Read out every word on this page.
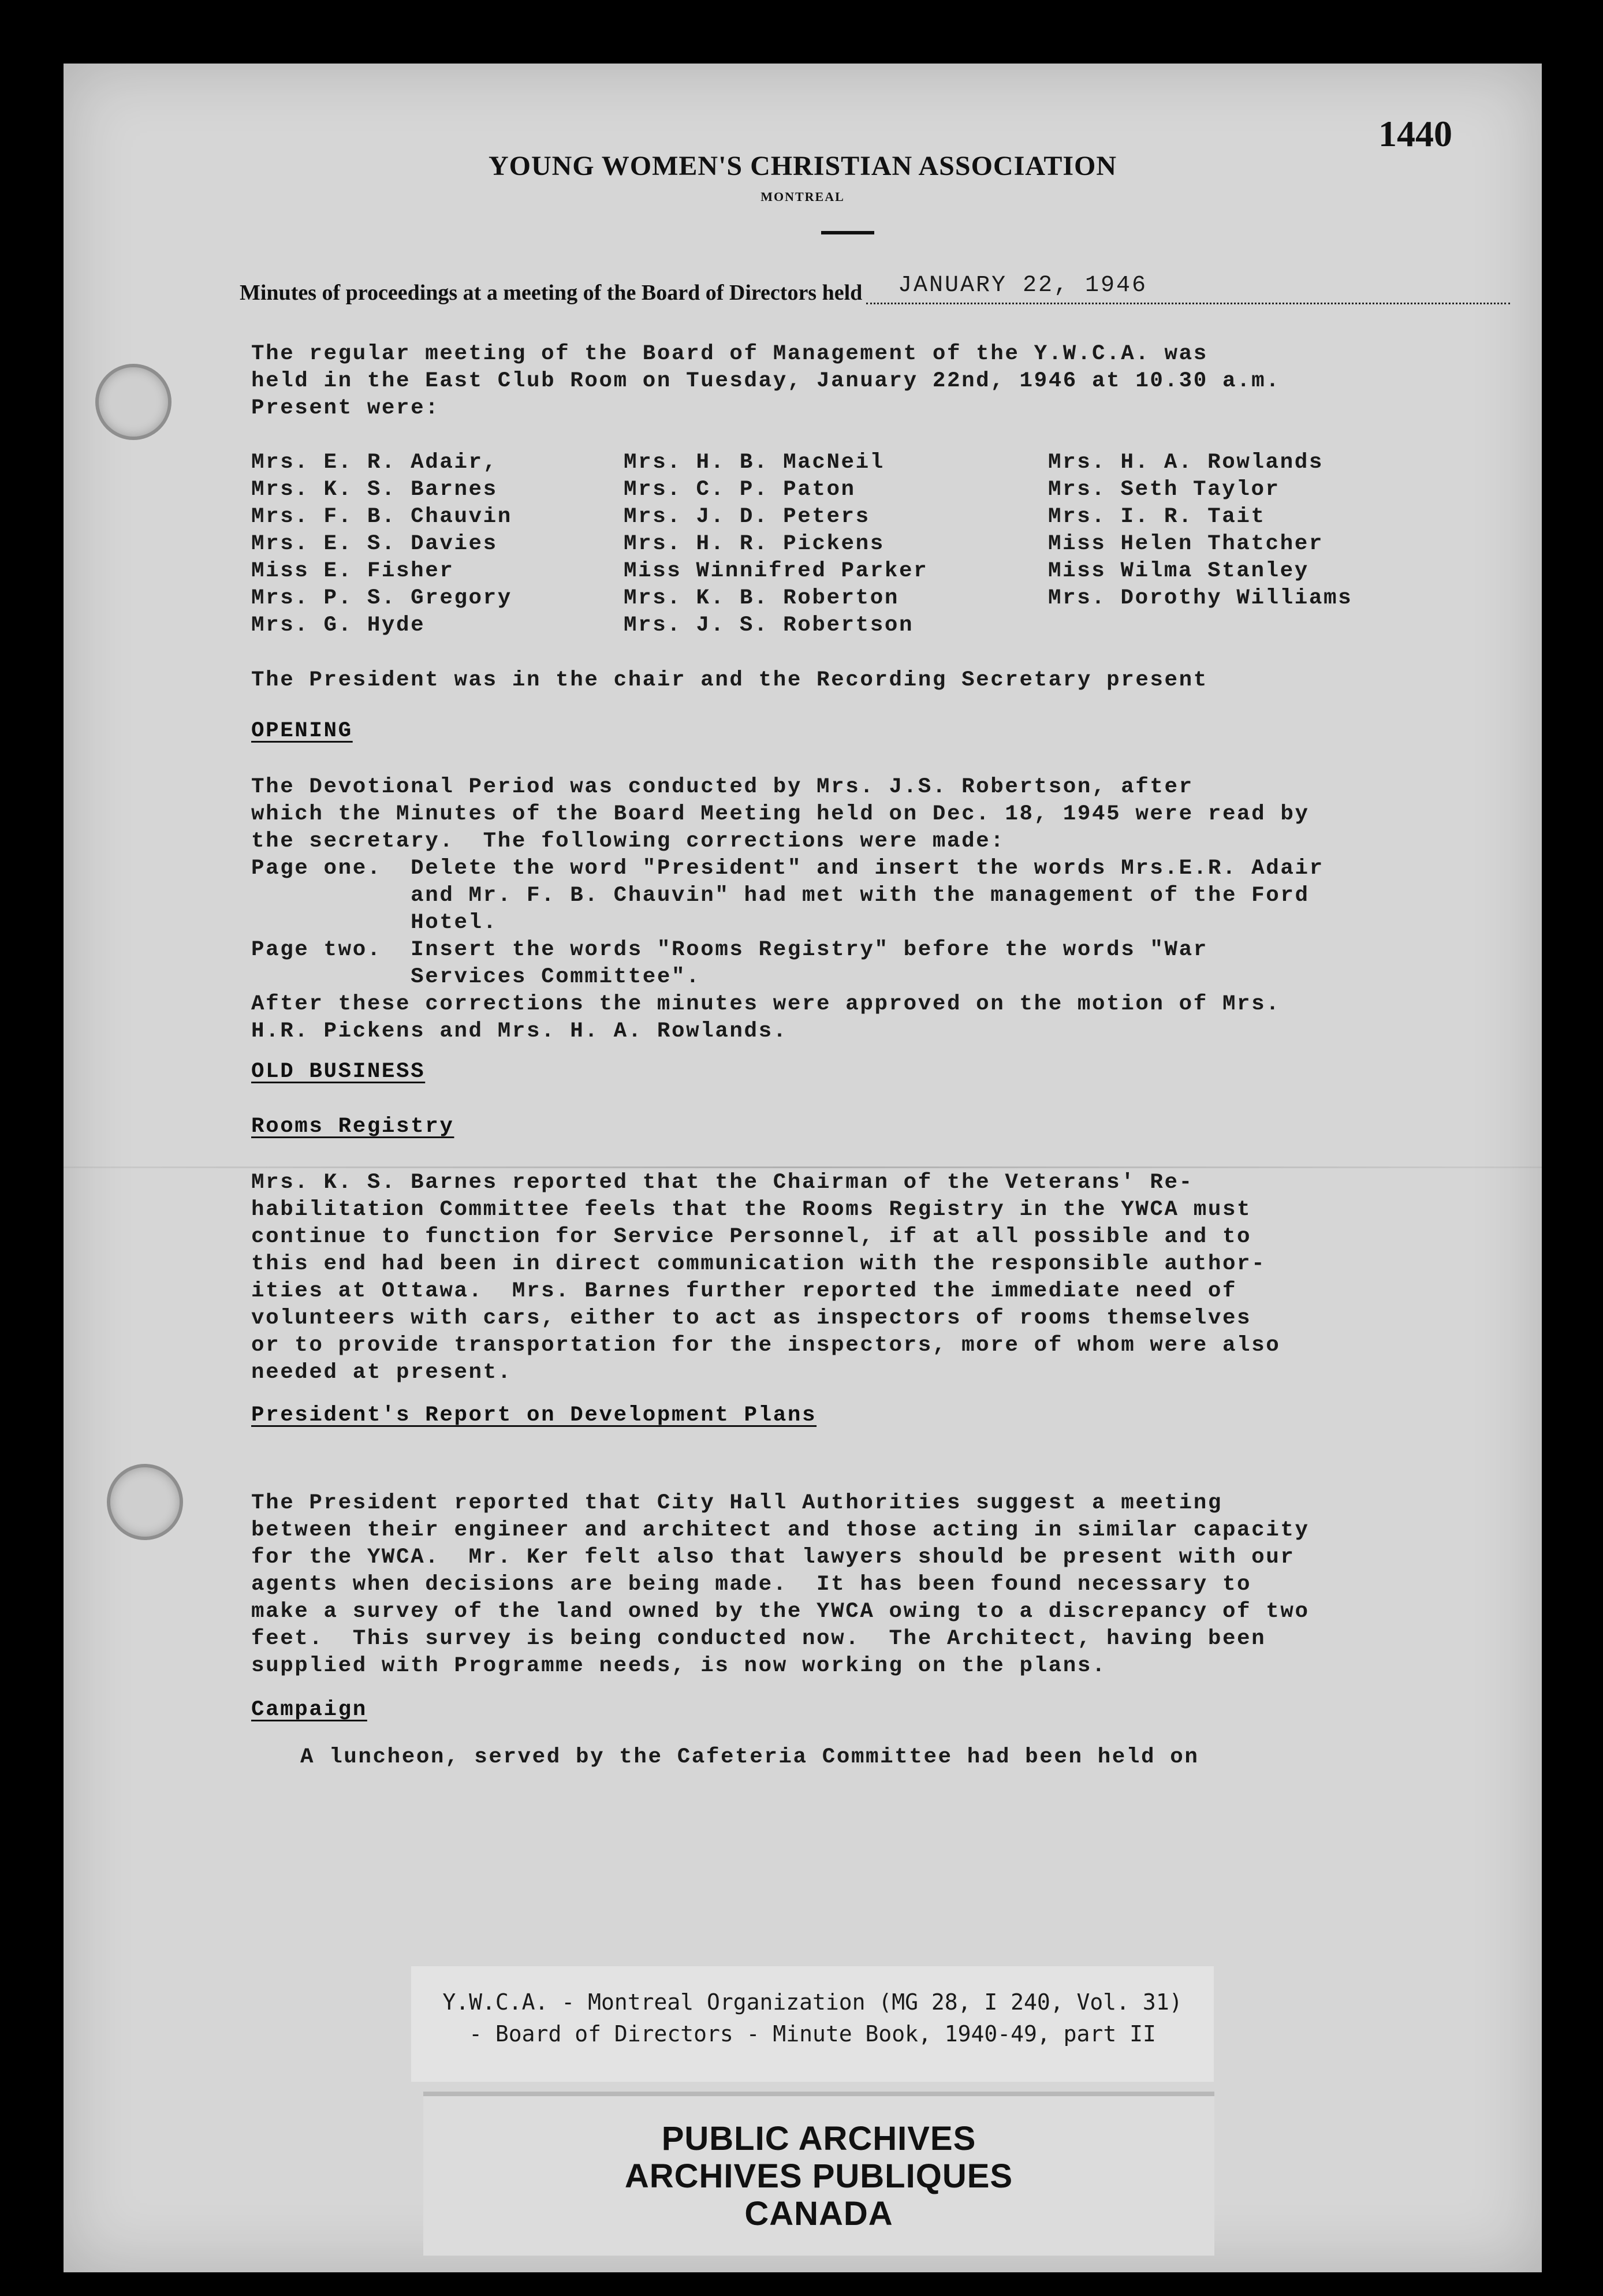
1440
YOUNG WOMEN'S CHRISTIAN ASSOCIATION
MONTREAL
Minutes of proceedings at a meeting of the Board of Directors held JANUARY 22, 1946
The regular meeting of the Board of Management of the Y.W.C.A. was
held in the East Club Room on Tuesday, January 22nd, 1946 at 10.30 a.m.
Present were:
Mrs. E. R. Adair,
Mrs. K. S. Barnes
Mrs. F. B. Chauvin
Mrs. E. S. Davies
Miss E. Fisher
Mrs. P. S. Gregory
Mrs. G. Hyde
Mrs. H. B. MacNeil
Mrs. C. P. Paton
Mrs. J. D. Peters
Mrs. H. R. Pickens
Miss Winnifred Parker
Mrs. K. B. Roberton
Mrs. J. S. Robertson
Mrs. H. A. Rowlands
Mrs. Seth Taylor
Mrs. I. R. Tait
Miss Helen Thatcher
Miss Wilma Stanley
Mrs. Dorothy Williams
The President was in the chair and the Recording Secretary present
OPENING
The Devotional Period was conducted by Mrs. J.S. Robertson, after
which the Minutes of the Board Meeting held on Dec. 18, 1945 were read by
the secretary.  The following corrections were made:
Page one.  Delete the word "President" and insert the words Mrs.E.R. Adair
and Mr. F. B. Chauvin" had met with the management of the Ford
Hotel.
Page two.  Insert the words "Rooms Registry" before the words "War
Services Committee".
After these corrections the minutes were approved on the motion of Mrs.
H.R. Pickens and Mrs. H. A. Rowlands.
OLD BUSINESS
Rooms Registry
Mrs. K. S. Barnes reported that the Chairman of the Veterans' Re-
habilitation Committee feels that the Rooms Registry in the YWCA must
continue to function for Service Personnel, if at all possible and to
this end had been in direct communication with the responsible author-
ities at Ottawa.  Mrs. Barnes further reported the immediate need of
volunteers with cars, either to act as inspectors of rooms themselves
or to provide transportation for the inspectors, more of whom were also
needed at present.
President's Report on Development Plans
The President reported that City Hall Authorities suggest a meeting
between their engineer and architect and those acting in similar capacity
for the YWCA.  Mr. Ker felt also that lawyers should be present with our
agents when decisions are being made.  It has been found necessary to
make a survey of the land owned by the YWCA owing to a discrepancy of two
feet.  This survey is being conducted now.  The Architect, having been
supplied with Programme needs, is now working on the plans.
Campaign
A luncheon, served by the Cafeteria Committee had been held on
Y.W.C.A. - Montreal Organization (MG 28, I 240, Vol. 31)
- Board of Directors - Minute Book, 1940-49, part II
PUBLIC ARCHIVES
ARCHIVES PUBLIQUES
CANADA
